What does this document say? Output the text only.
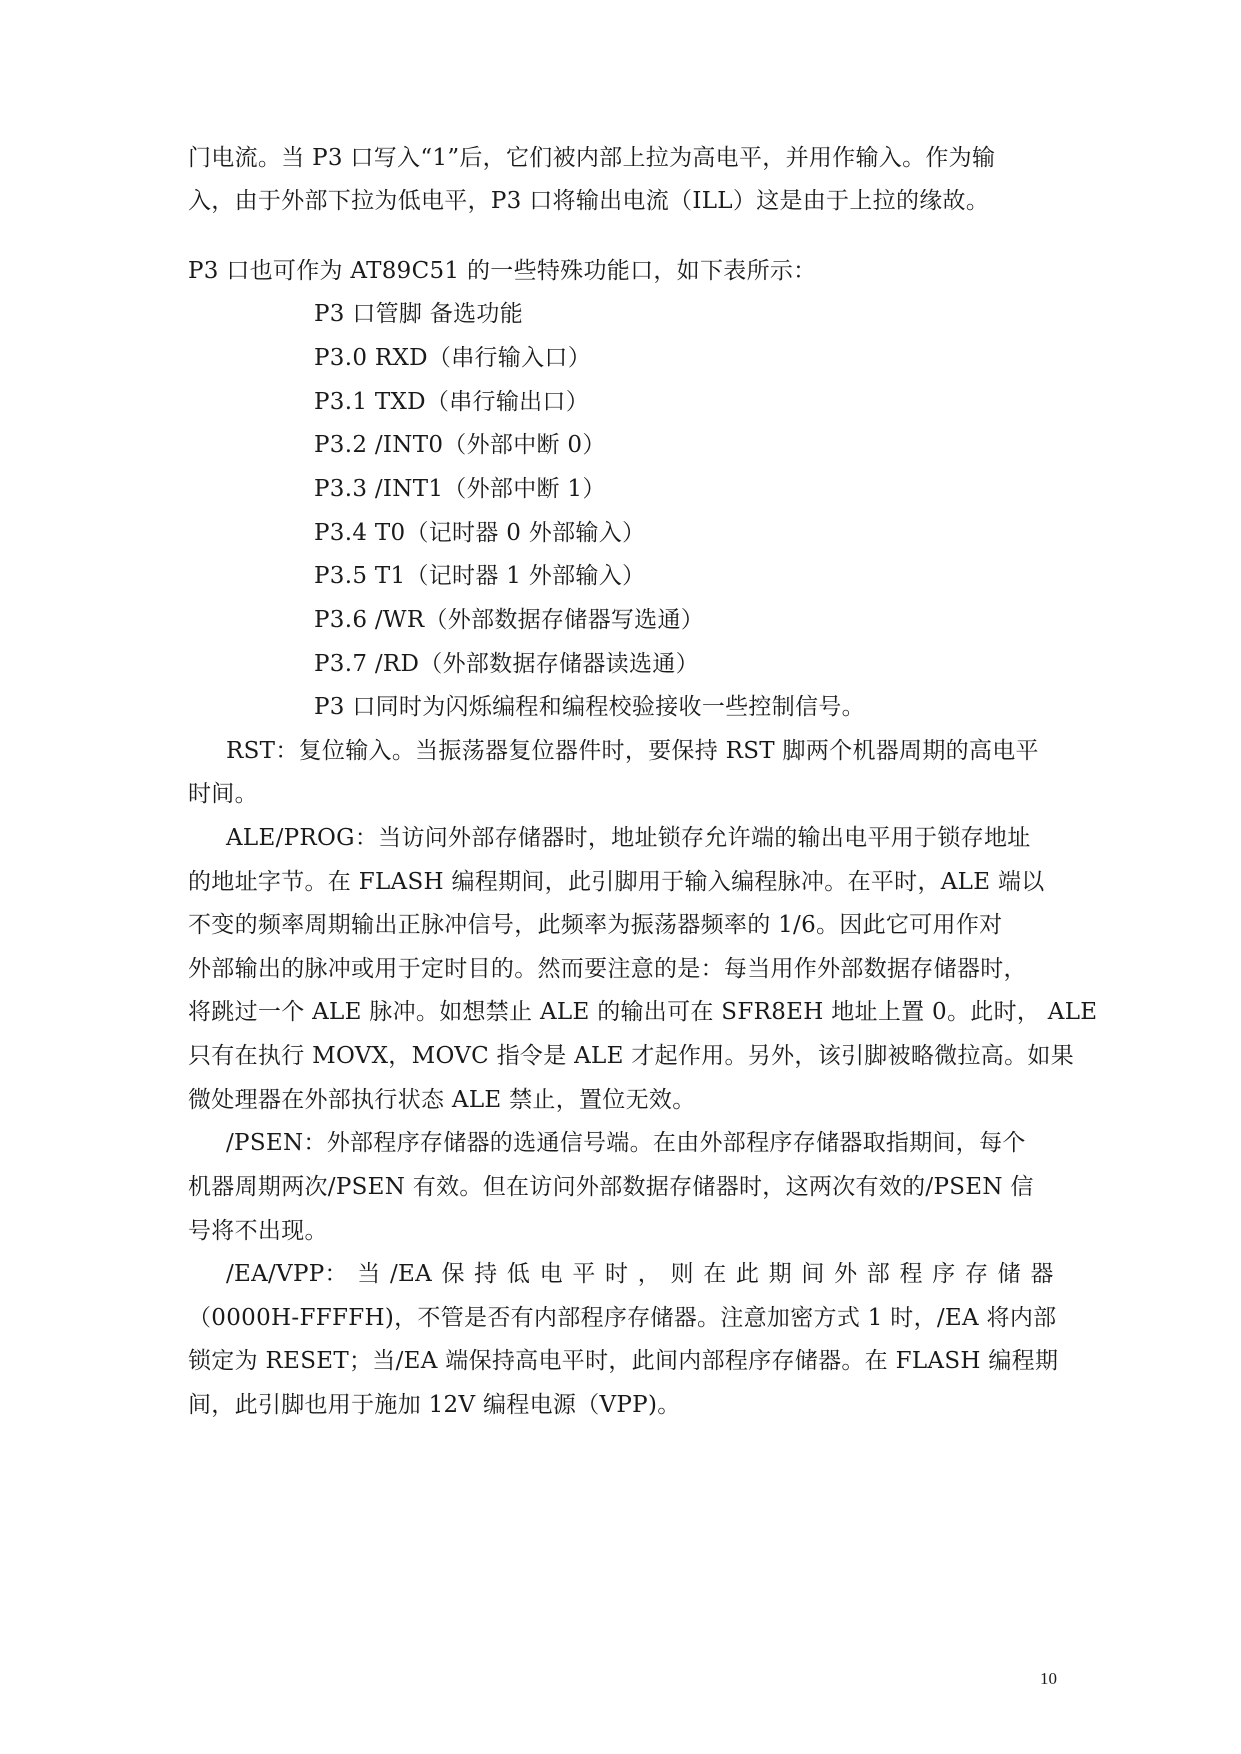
门电流。当 P3 口写入“1”后，它们被内部上拉为高电平，并用作输入。作为输
入，由于外部下拉为低电平，P3 口将输出电流（ILL）这是由于上拉的缘故。
P3 口也可作为 AT89C51 的一些特殊功能口，如下表所示：
P3 口管脚 备选功能
P3.0 RXD（串行输入口）
P3.1 TXD（串行输出口）
P3.2 /INT0（外部中断 0）
P3.3 /INT1（外部中断 1）
P3.4 T0（记时器 0 外部输入）
P3.5 T1（记时器 1 外部输入）
P3.6 /WR（外部数据存储器写选通）
P3.7 /RD（外部数据存储器读选通）
P3 口同时为闪烁编程和编程校验接收一些控制信号。
RST：复位输入。当振荡器复位器件时，要保持 RST 脚两个机器周期的高电平
时间。
ALE/PROG：当访问外部存储器时，地址锁存允许端的输出电平用于锁存地址
的地址字节。在 FLASH 编程期间，此引脚用于输入编程脉冲。在平时，ALE 端以
不变的频率周期输出正脉冲信号，此频率为振荡器频率的 1/6。因此它可用作对
外部输出的脉冲或用于定时目的。然而要注意的是：每当用作外部数据存储器时，
将跳过一个 ALE 脉冲。如想禁止 ALE 的输出可在 SFR8EH 地址上置 0。此时， ALE
只有在执行 MOVX，MOVC 指令是 ALE 才起作用。另外，该引脚被略微拉高。如果
微处理器在外部执行状态 ALE 禁止，置位无效。
/PSEN：外部程序存储器的选通信号端。在由外部程序存储器取指期间，每个
机器周期两次/PSEN 有效。但在访问外部数据存储器时，这两次有效的/PSEN 信
号将不出现。
/EA/VPP： 当 /EA 保 持 低 电 平 时 ， 则 在 此 期 间 外 部 程 序 存 储 器
（0000H-FFFFH)，不管是否有内部程序存储器。注意加密方式 1 时，/EA 将内部
锁定为 RESET；当/EA 端保持高电平时，此间内部程序存储器。在 FLASH 编程期
间，此引脚也用于施加 12V 编程电源（VPP)。
10
